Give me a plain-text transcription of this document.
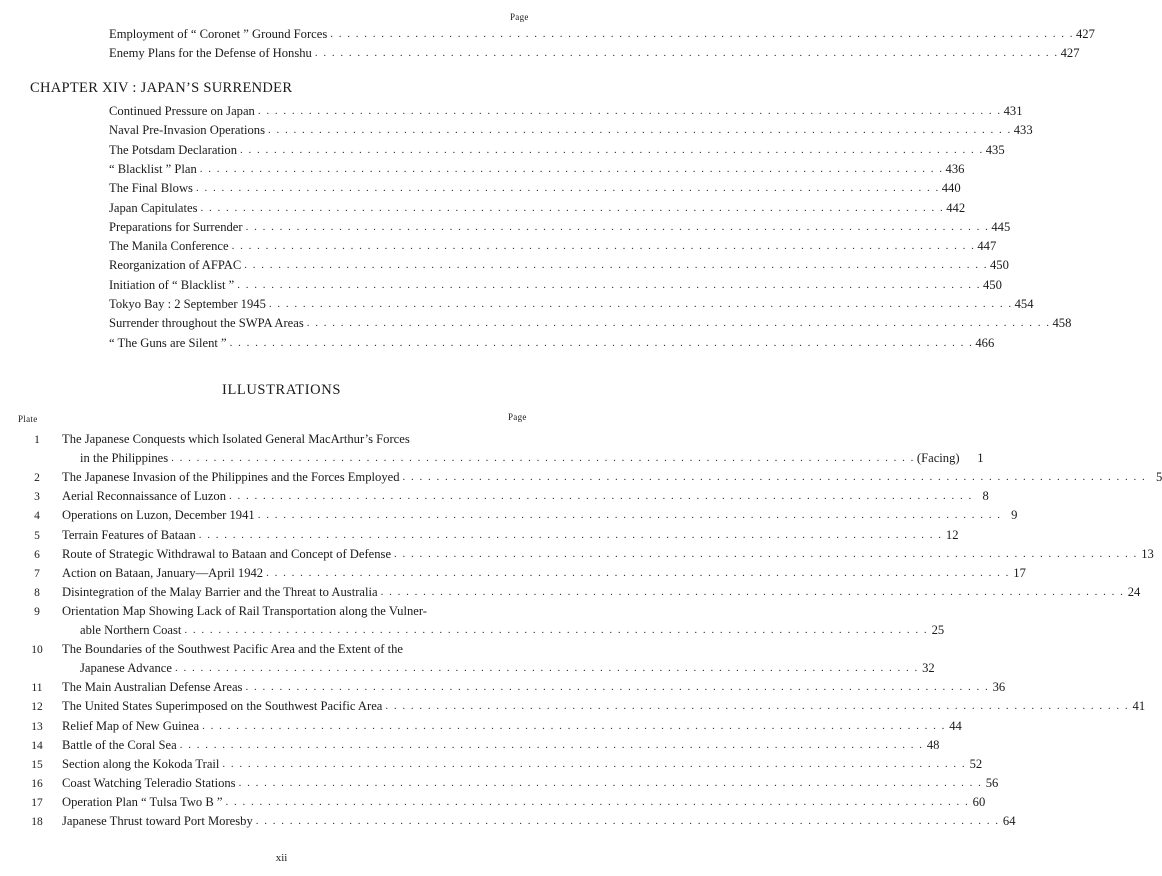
Page
Employment of “ Coronet ” Ground Forces . . . . . . . . . . . . . . . . . . . . . . . . . . . . . . . . . . . . . . . . . . . . . . . . . . . . . . . . . . . . . . . . . . . . . . . . . . . . . . . . . . . . . . . . 427
Enemy Plans for the Defense of Honshu . . . . . . . . . . . . . . . . . . . . . . . . . . . . . . . . . . . . . . . . . . . . . . . . . . . . . . . . . . . . . . . . . . . . . . . . . . . . . . . . . . . . . . . . 427
CHAPTER XIV : JAPAN’S SURRENDER
Continued Pressure on Japan . . . . . . . . . . . . . . . . . . . . . . . . . . . . . . . . . . . . . . . . . . . . . . . . . . . . . . . . . . . . . . . . . . . . . . . . . . . . . . . . . . . . . . . . 431
Naval Pre-Invasion Operations . . . . . . . . . . . . . . . . . . . . . . . . . . . . . . . . . . . . . . . . . . . . . . . . . . . . . . . . . . . . . . . . . . . . . . . . . . . . . . . . . . . . . . . . 433
The Potsdam Declaration . . . . . . . . . . . . . . . . . . . . . . . . . . . . . . . . . . . . . . . . . . . . . . . . . . . . . . . . . . . . . . . . . . . . . . . . . . . . . . . . . . . . . . . . 435
“ Blacklist ” Plan . . . . . . . . . . . . . . . . . . . . . . . . . . . . . . . . . . . . . . . . . . . . . . . . . . . . . . . . . . . . . . . . . . . . . . . . . . . . . . . . . . . . . . . . 436
The Final Blows . . . . . . . . . . . . . . . . . . . . . . . . . . . . . . . . . . . . . . . . . . . . . . . . . . . . . . . . . . . . . . . . . . . . . . . . . . . . . . . . . . . . . . . . 440
Japan Capitulates . . . . . . . . . . . . . . . . . . . . . . . . . . . . . . . . . . . . . . . . . . . . . . . . . . . . . . . . . . . . . . . . . . . . . . . . . . . . . . . . . . . . . . . . 442
Preparations for Surrender . . . . . . . . . . . . . . . . . . . . . . . . . . . . . . . . . . . . . . . . . . . . . . . . . . . . . . . . . . . . . . . . . . . . . . . . . . . . . . . . . . . . . . . . 445
The Manila Conference . . . . . . . . . . . . . . . . . . . . . . . . . . . . . . . . . . . . . . . . . . . . . . . . . . . . . . . . . . . . . . . . . . . . . . . . . . . . . . . . . . . . . . . . 447
Reorganization of AFPAC . . . . . . . . . . . . . . . . . . . . . . . . . . . . . . . . . . . . . . . . . . . . . . . . . . . . . . . . . . . . . . . . . . . . . . . . . . . . . . . . . . . . . . . . 450
Initiation of “ Blacklist ” . . . . . . . . . . . . . . . . . . . . . . . . . . . . . . . . . . . . . . . . . . . . . . . . . . . . . . . . . . . . . . . . . . . . . . . . . . . . . . . . . . . . . . . . 450
Tokyo Bay : 2 September 1945 . . . . . . . . . . . . . . . . . . . . . . . . . . . . . . . . . . . . . . . . . . . . . . . . . . . . . . . . . . . . . . . . . . . . . . . . . . . . . . . . . . . . . . . . 454
Surrender throughout the SWPA Areas . . . . . . . . . . . . . . . . . . . . . . . . . . . . . . . . . . . . . . . . . . . . . . . . . . . . . . . . . . . . . . . . . . . . . . . . . . . . . . . . . . . . . . . . 458
“ The Guns are Silent ” . . . . . . . . . . . . . . . . . . . . . . . . . . . . . . . . . . . . . . . . . . . . . . . . . . . . . . . . . . . . . . . . . . . . . . . . . . . . . . . . . . . . . . . . 466
ILLUSTRATIONS
Plate	Page
1	The Japanese Conquests which Isolated General MacArthur’s Forces
in the Philippines . . . . . . . . . . . . . . . . . . . . . . . . . . . . . . . . . . . . . . . . . . . . . . . . . . . . . . . . . . . . . . . . . . . . . . . . . . . . . . . . . . . . . . . . (Facing)	1
2	The Japanese Invasion of the Philippines and the Forces Employed . . . . . . . . . . . . . . . . . . . . . . . . . . . . . . . . . . . . . . . . . . . . . . . . . . . . . . . . . . . . . . . . . . . . . . . . . . . . . . . . . . . . . . . . 5
3	Aerial Reconnaissance of Luzon . . . . . . . . . . . . . . . . . . . . . . . . . . . . . . . . . . . . . . . . . . . . . . . . . . . . . . . . . . . . . . . . . . . . . . . . . . . . . . . . . . . . . . . . 8
4	Operations on Luzon, December 1941 . . . . . . . . . . . . . . . . . . . . . . . . . . . . . . . . . . . . . . . . . . . . . . . . . . . . . . . . . . . . . . . . . . . . . . . . . . . . . . . . . . . . . . . . 9
5	Terrain Features of Bataan . . . . . . . . . . . . . . . . . . . . . . . . . . . . . . . . . . . . . . . . . . . . . . . . . . . . . . . . . . . . . . . . . . . . . . . . . . . . . . . . . . . . . . . . 12
6	Route of Strategic Withdrawal to Bataan and Concept of Defense . . . . . . . . . . . . . . . . . . . . . . . . . . . . . . . . . . . . . . . . . . . . . . . . . . . . . . . . . . . . . . . . . . . . . . . . . . . . . . . . . . . . . . . . 13
7	Action on Bataan, January—April 1942 . . . . . . . . . . . . . . . . . . . . . . . . . . . . . . . . . . . . . . . . . . . . . . . . . . . . . . . . . . . . . . . . . . . . . . . . . . . . . . . . . . . . . . . . 17
8	Disintegration of the Malay Barrier and the Threat to Australia . . . . . . . . . . . . . . . . . . . . . . . . . . . . . . . . . . . . . . . . . . . . . . . . . . . . . . . . . . . . . . . . . . . . . . . . . . . . . . . . . . . . . . . . 24
9	Orientation Map Showing Lack of Rail Transportation along the Vulner-
able Northern Coast . . . . . . . . . . . . . . . . . . . . . . . . . . . . . . . . . . . . . . . . . . . . . . . . . . . . . . . . . . . . . . . . . . . . . . . . . . . . . . . . . . . . . . . . 25
10	The Boundaries of the Southwest Pacific Area and the Extent of the
Japanese Advance . . . . . . . . . . . . . . . . . . . . . . . . . . . . . . . . . . . . . . . . . . . . . . . . . . . . . . . . . . . . . . . . . . . . . . . . . . . . . . . . . . . . . . . . 32
11	The Main Australian Defense Areas . . . . . . . . . . . . . . . . . . . . . . . . . . . . . . . . . . . . . . . . . . . . . . . . . . . . . . . . . . . . . . . . . . . . . . . . . . . . . . . . . . . . . . . . 36
12	The United States Superimposed on the Southwest Pacific Area . . . . . . . . . . . . . . . . . . . . . . . . . . . . . . . . . . . . . . . . . . . . . . . . . . . . . . . . . . . . . . . . . . . . . . . . . . . . . . . . . . . . . . . . 41
13	Relief Map of New Guinea . . . . . . . . . . . . . . . . . . . . . . . . . . . . . . . . . . . . . . . . . . . . . . . . . . . . . . . . . . . . . . . . . . . . . . . . . . . . . . . . . . . . . . . . 44
14	Battle of the Coral Sea . . . . . . . . . . . . . . . . . . . . . . . . . . . . . . . . . . . . . . . . . . . . . . . . . . . . . . . . . . . . . . . . . . . . . . . . . . . . . . . . . . . . . . . . 48
15	Section along the Kokoda Trail . . . . . . . . . . . . . . . . . . . . . . . . . . . . . . . . . . . . . . . . . . . . . . . . . . . . . . . . . . . . . . . . . . . . . . . . . . . . . . . . . . . . . . . . 52
16	Coast Watching Teleradio Stations . . . . . . . . . . . . . . . . . . . . . . . . . . . . . . . . . . . . . . . . . . . . . . . . . . . . . . . . . . . . . . . . . . . . . . . . . . . . . . . . . . . . . . . . 56
17	Operation Plan “ Tulsa Two B ” . . . . . . . . . . . . . . . . . . . . . . . . . . . . . . . . . . . . . . . . . . . . . . . . . . . . . . . . . . . . . . . . . . . . . . . . . . . . . . . . . . . . . . . . 60
18	Japanese Thrust toward Port Moresby . . . . . . . . . . . . . . . . . . . . . . . . . . . . . . . . . . . . . . . . . . . . . . . . . . . . . . . . . . . . . . . . . . . . . . . . . . . . . . . . . . . . . . . . 64
xii
